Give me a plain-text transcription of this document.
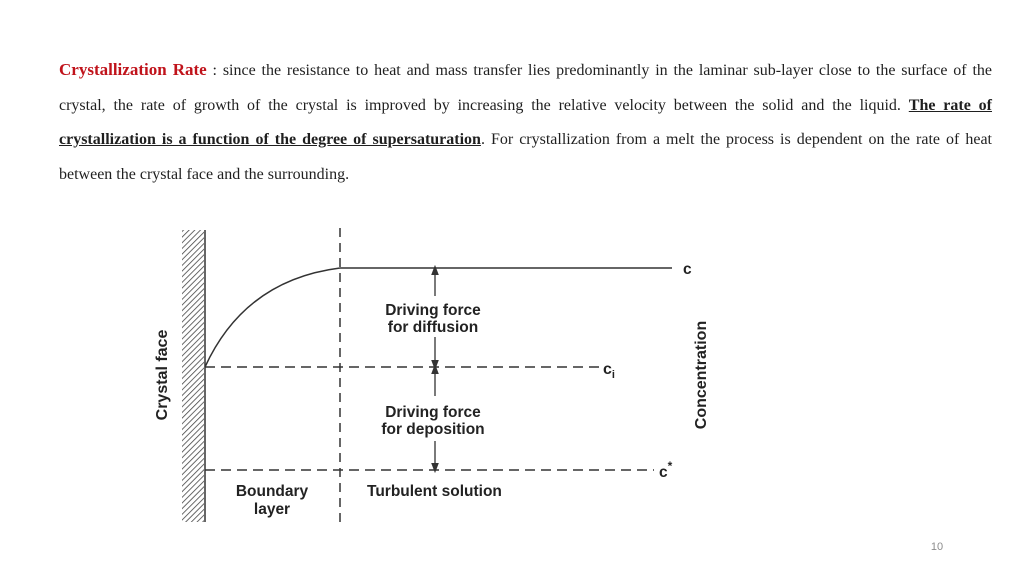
Crystallization Rate : since the resistance to heat and mass transfer lies predominantly in the laminar sub-layer close to the surface of the crystal, the rate of growth of the crystal is improved by increasing the relative velocity between the solid and the liquid. The rate of crystallization is a function of the degree of supersaturation. For crystallization from a melt the process is dependent on the rate of heat between the crystal face and the surrounding.
Driving force
for diffusion
Driving force
for deposition
Boundary
layer
Turbulent solution
c
$c_i$
c*
Crystal face	Concentration
10
